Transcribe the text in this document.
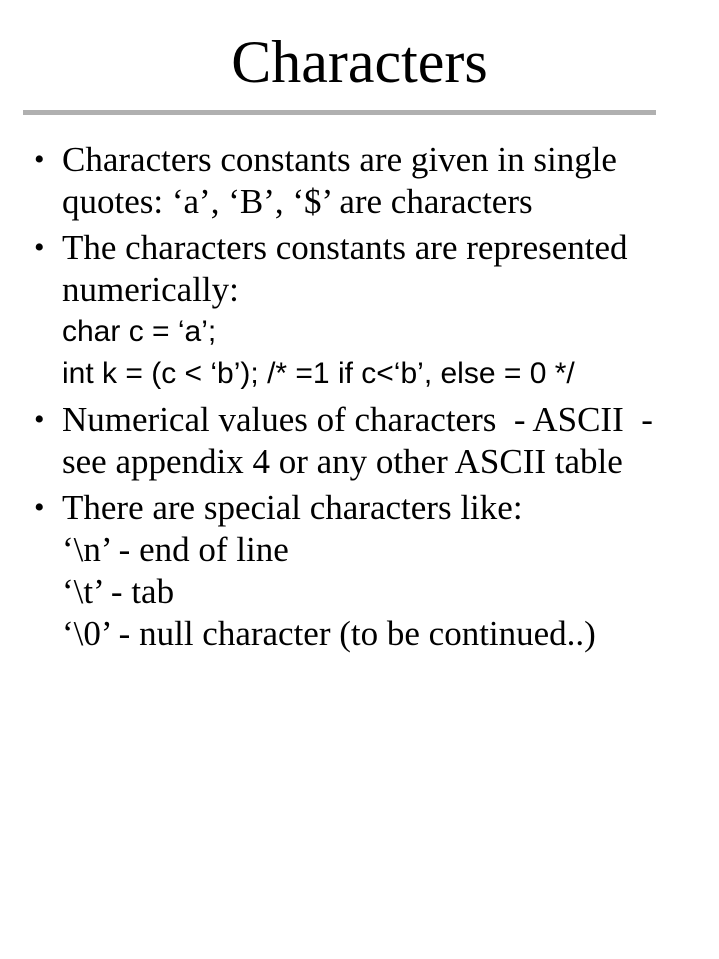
Characters
• Characters constants are given in single
quotes: ‘a’, ‘B’, ‘$’ are characters
• The characters constants are represented
numerically:
char c = ‘a’;
int k = (c < ‘b’); /* =1 if c<‘b’, else = 0 */
• Numerical values of characters  - ASCII  -
see appendix 4 or any other ASCII table
• There are special characters like:
‘\n’ - end of line
‘\t’ - tab
‘\0’ - null character (to be continued..)
